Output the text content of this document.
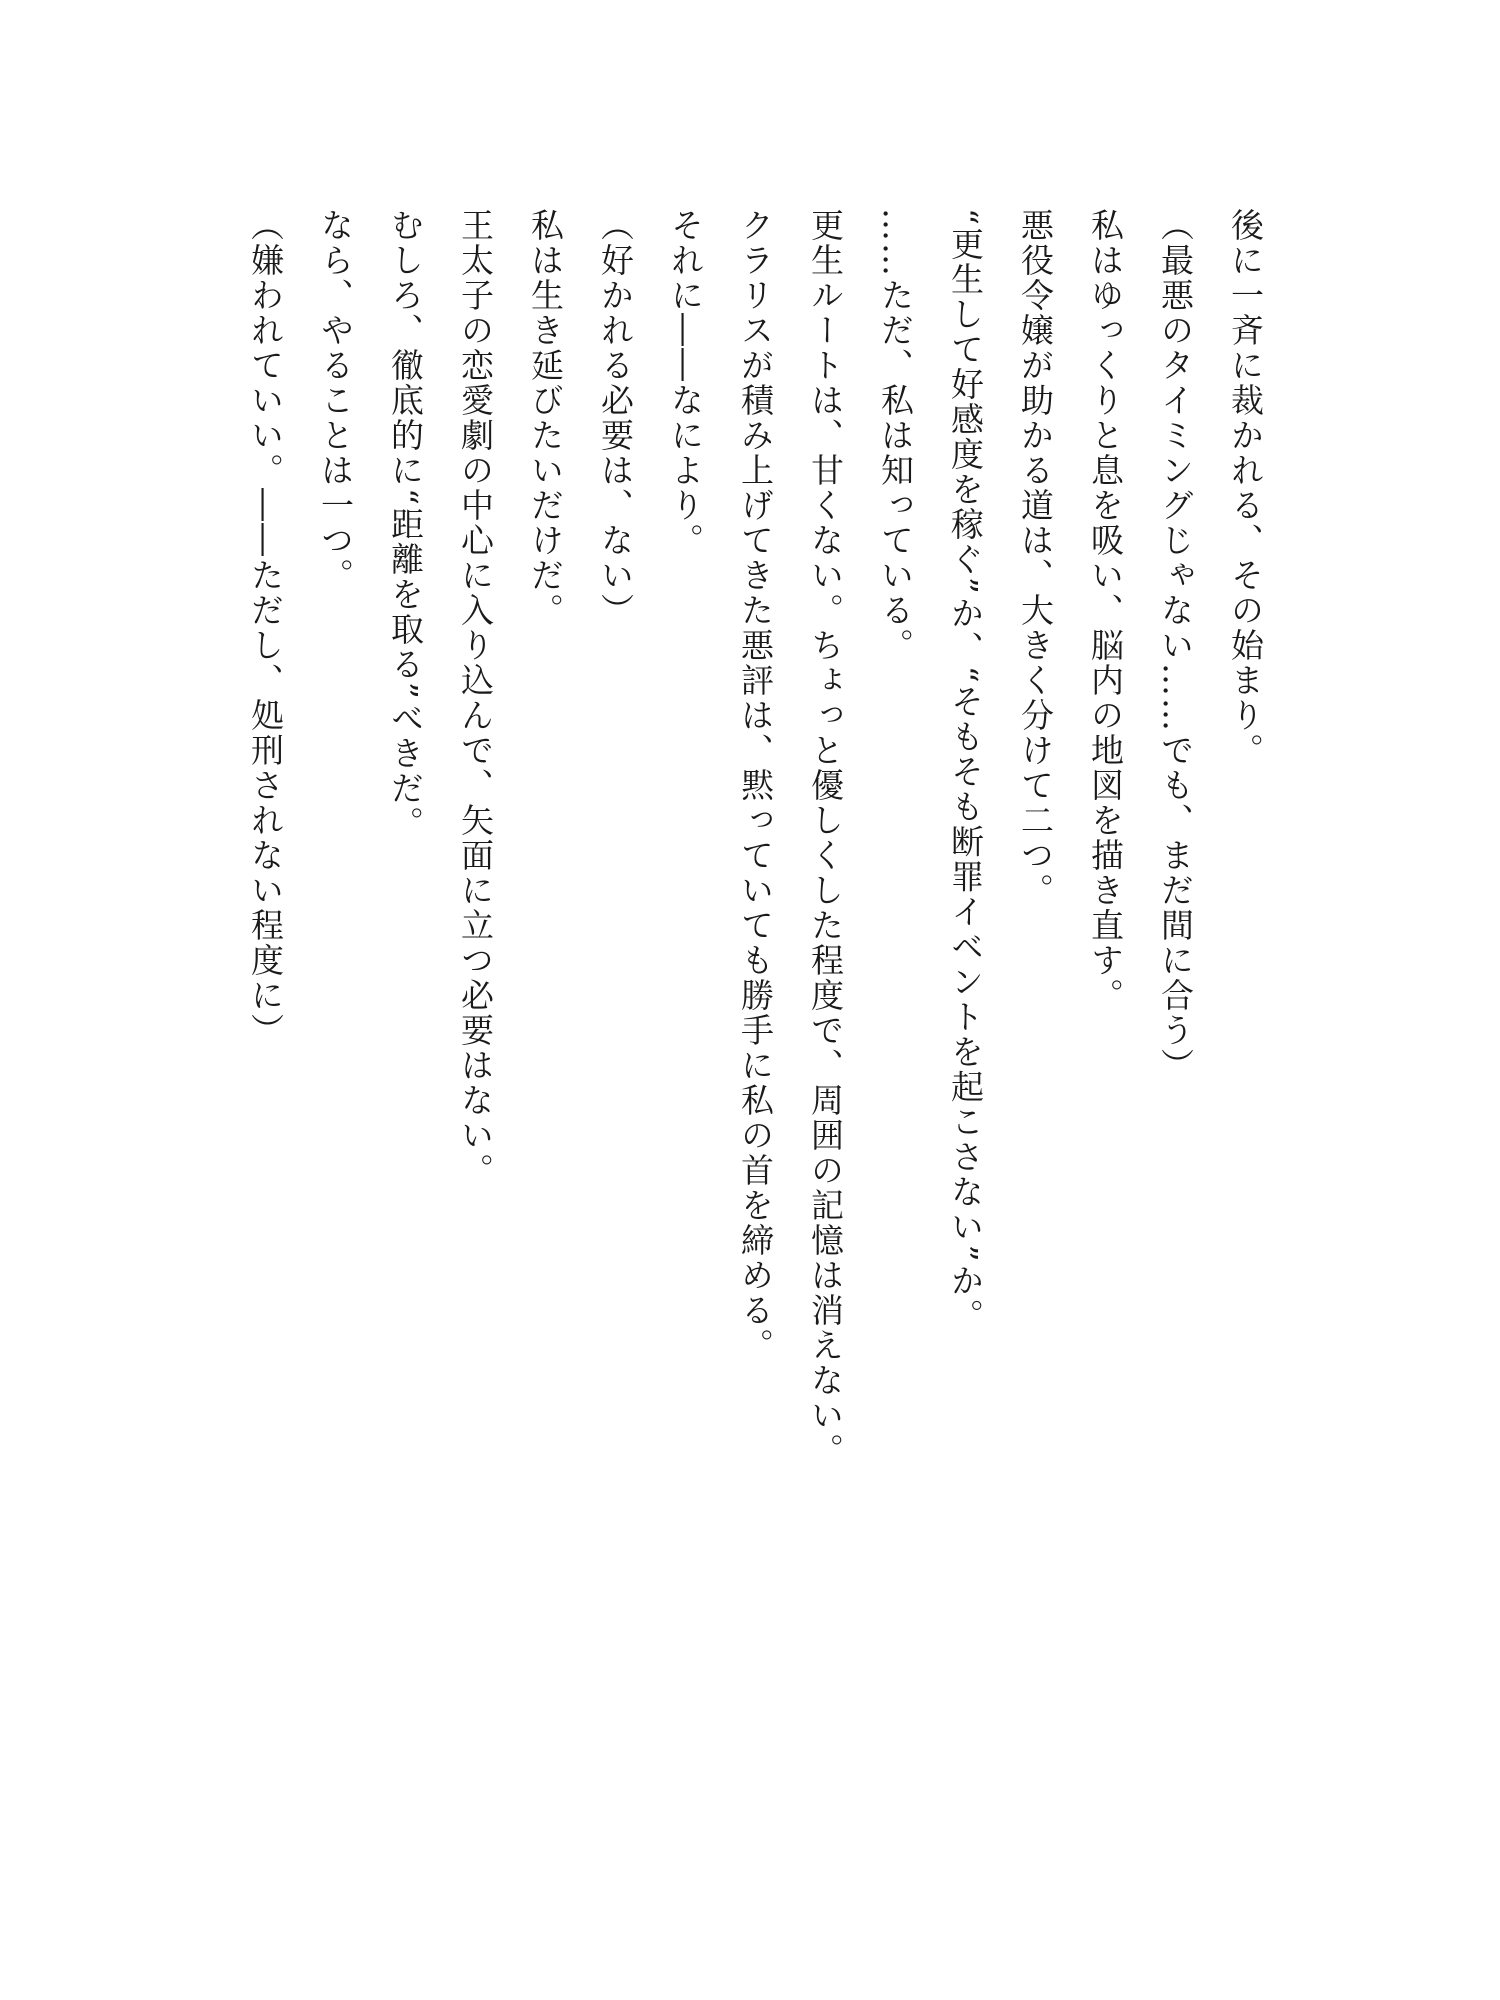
後に一斉に裁かれる、その始まり。

（最悪のタイミングじゃない……でも、まだ間に合う）

私はゆっくりと息を吸い、脳内の地図を描き直す。

悪役令嬢が助かる道は、大きく分けて二つ。

“更生して好感度を稼ぐ”か、“そもそも断罪イベントを起こさない”か。

……ただ、私は知っている。

更生ルートは、甘くない。ちょっと優しくした程度で、周囲の記憶は消えない。

クラリスが積み上げてきた悪評は、黙っていても勝手に私の首を締める。

それに――なにより。

（好かれる必要は、ない）

私は生き延びたいだけだ。

王太子の恋愛劇の中心に入り込んで、矢面に立つ必要はない。

むしろ、徹底的に“距離を取る”べきだ。

なら、やることは一つ。

（嫌われていい。――ただし、処刑されない程度に）
